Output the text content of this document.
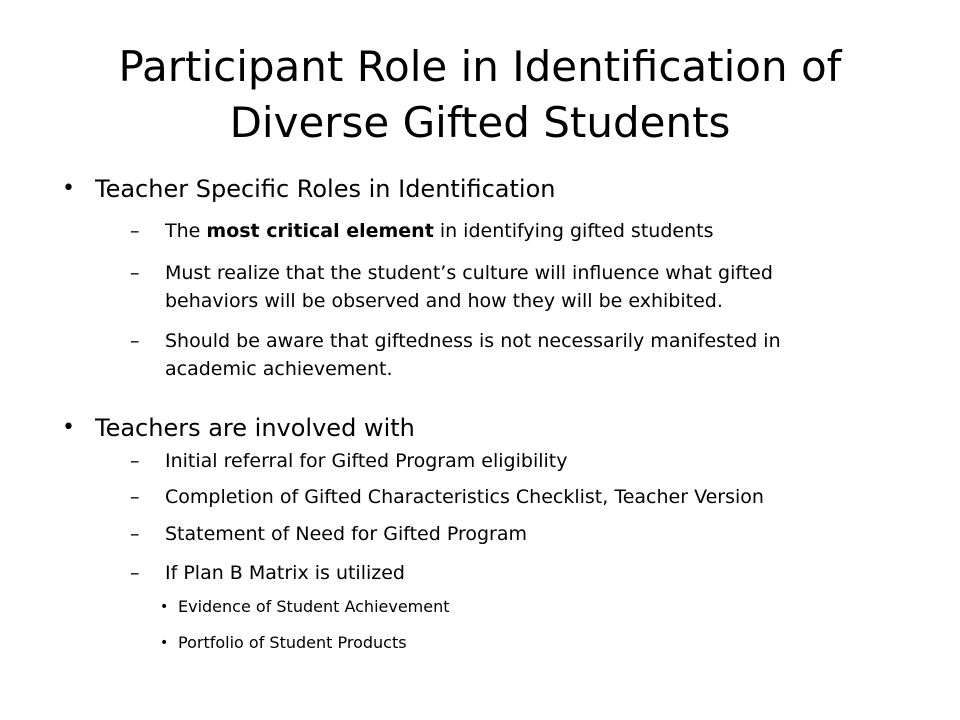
Participant Role in Identification of
Diverse Gifted Students
• Teacher Specific Roles in Identification
– The most critical element in identifying gifted students
– Must realize that the student’s culture will influence what gifted
behaviors will be observed and how they will be exhibited.
– Should be aware that giftedness is not necessarily manifested in
academic achievement.
• Teachers are involved with
– Initial referral for Gifted Program eligibility
– Completion of Gifted Characteristics Checklist, Teacher Version
– Statement of Need for Gifted Program
– If Plan B Matrix is utilized
• Evidence of Student Achievement
• Portfolio of Student Products
